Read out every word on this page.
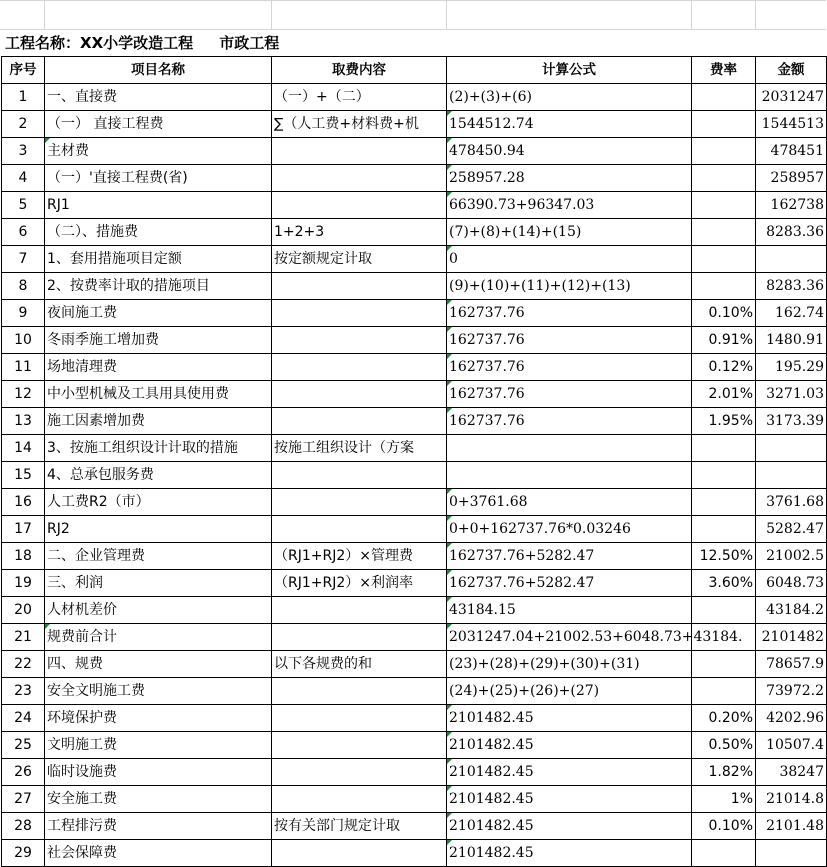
工程名称：XX小学改造工程     市政工程
序号	项目名称	取费内容	计算公式	费率	金额
1	一、直接费	（一）+（二）	(2)+(3)+(6)		2031247
2	（一） 直接工程费	∑（人工费+材料费+机	1544512.74		1544513
3	主材费		478450.94		478451
4	（一）'直接工程费(省)		258957.28		258957
5	RJ1		66390.73+96347.03		162738
6	（二）、措施费	1+2+3	(7)+(8)+(14)+(15)		8283.36
7	1、套用措施项目定额	按定额规定计取	0

8	2、按费率计取的措施项目		(9)+(10)+(11)+(12)+(13)		8283.36
9	夜间施工费		162737.76	0.10%	162.74
10	冬雨季施工增加费		162737.76	0.91%	1480.91
11	场地清理费		162737.76	0.12%	195.29
12	中小型机械及工具用具使用费		162737.76	2.01%	3271.03
13	施工因素增加费		162737.76	1.95%	3173.39
14	3、按施工组织设计计取的措施	按施工组织设计（方案			
15	4、总承包服务费				
16	人工费R2（市）		0+3761.68		3761.68
17	RJ2		0+0+162737.76*0.03246		5282.47
18	二、企业管理费	（RJ1+RJ2）×管理费	162737.76+5282.47	12.50%	21002.5
19	三、利润	（RJ1+RJ2）×利润率	162737.76+5282.47	3.60%	6048.73
20	人材机差价		43184.15		43184.2
21	规费前合计		2031247.04+21002.53+6048.73+43184.		2101482
22	四、规费	以下各规费的和	(23)+(28)+(29)+(30)+(31)		78657.9
23	安全文明施工费		(24)+(25)+(26)+(27)		73972.2
24	环境保护费		2101482.45	0.20%	4202.96
25	文明施工费		2101482.45	0.50%	10507.4
26	临时设施费		2101482.45	1.82%	38247
27	安全施工费		2101482.45	1%	21014.8
28	工程排污费	按有关部门规定计取	2101482.45	0.10%	2101.48
29	社会保障费		2101482.45
